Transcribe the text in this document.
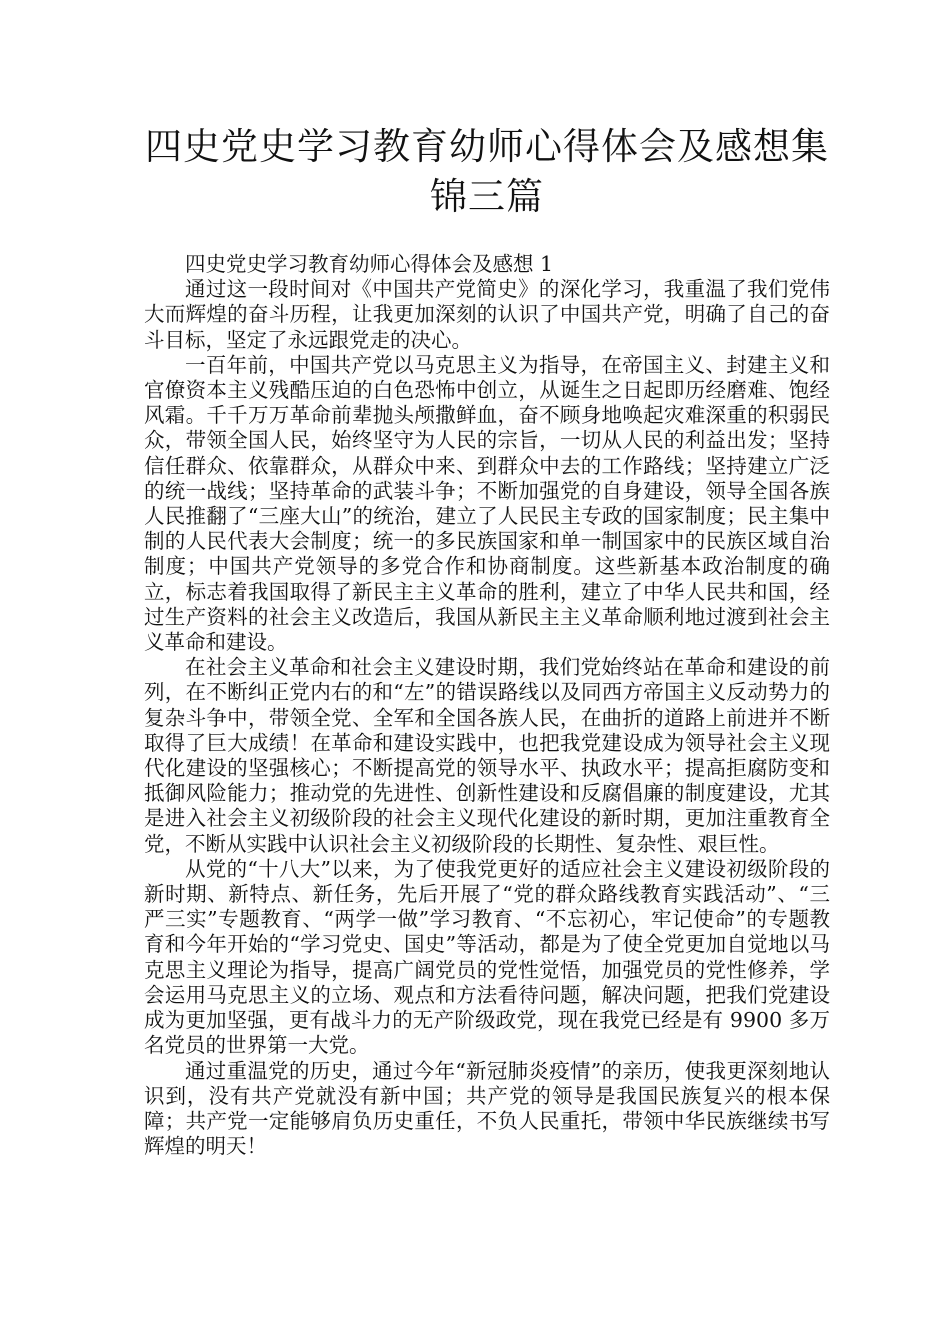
四史党史学习教育幼师心得体会及感想集锦三篇

四史党史学习教育幼师心得体会及感想 1

通过这一段时间对《中国共产党简史》的深化学习，我重温了我们党伟大而辉煌的奋斗历程，让我更加深刻的认识了中国共产党，明确了自己的奋斗目标，坚定了永远跟党走的决心。

一百年前，中国共产党以马克思主义为指导，在帝国主义、封建主义和官僚资本主义残酷压迫的白色恐怖中创立，从诞生之日起即历经磨难、饱经风霜。千千万万革命前辈抛头颅撒鲜血，奋不顾身地唤起灾难深重的积弱民众，带领全国人民，始终坚守为人民的宗旨，一切从人民的利益出发；坚持信任群众、依靠群众，从群众中来、到群众中去的工作路线；坚持建立广泛的统一战线；坚持革命的武装斗争；不断加强党的自身建设，领导全国各族人民推翻了“三座大山”的统治，建立了人民民主专政的国家制度；民主集中制的人民代表大会制度；统一的多民族国家和单一制国家中的民族区域自治制度；中国共产党领导的多党合作和协商制度。这些新基本政治制度的确立，标志着我国取得了新民主主义革命的胜利，建立了中华人民共和国，经过生产资料的社会主义改造后，我国从新民主主义革命顺利地过渡到社会主义革命和建设。

在社会主义革命和社会主义建设时期，我们党始终站在革命和建设的前列，在不断纠正党内右的和“左”的错误路线以及同西方帝国主义反动势力的复杂斗争中，带领全党、全军和全国各族人民，在曲折的道路上前进并不断取得了巨大成绩！在革命和建设实践中，也把我党建设成为领导社会主义现代化建设的坚强核心；不断提高党的领导水平、执政水平；提高拒腐防变和抵御风险能力；推动党的先进性、创新性建设和反腐倡廉的制度建设，尤其是进入社会主义初级阶段的社会主义现代化建设的新时期，更加注重教育全党，不断从实践中认识社会主义初级阶段的长期性、复杂性、艰巨性。

从党的“十八大”以来，为了使我党更好的适应社会主义建设初级阶段的新时期、新特点、新任务，先后开展了“党的群众路线教育实践活动”、“三严三实”专题教育、“两学一做”学习教育、“不忘初心，牢记使命”的专题教育和今年开始的“学习党史、国史”等活动，都是为了使全党更加自觉地以马克思主义理论为指导，提高广阔党员的党性觉悟，加强党员的党性修养，学会运用马克思主义的立场、观点和方法看待问题，解决问题，把我们党建设成为更加坚强，更有战斗力的无产阶级政党，现在我党已经是有 9900 多万名党员的世界第一大党。

通过重温党的历史，通过今年“新冠肺炎疫情”的亲历，使我更深刻地认识到，没有共产党就没有新中国；共产党的领导是我国民族复兴的根本保障；共产党一定能够肩负历史重任，不负人民重托，带领中华民族继续书写辉煌的明天！
